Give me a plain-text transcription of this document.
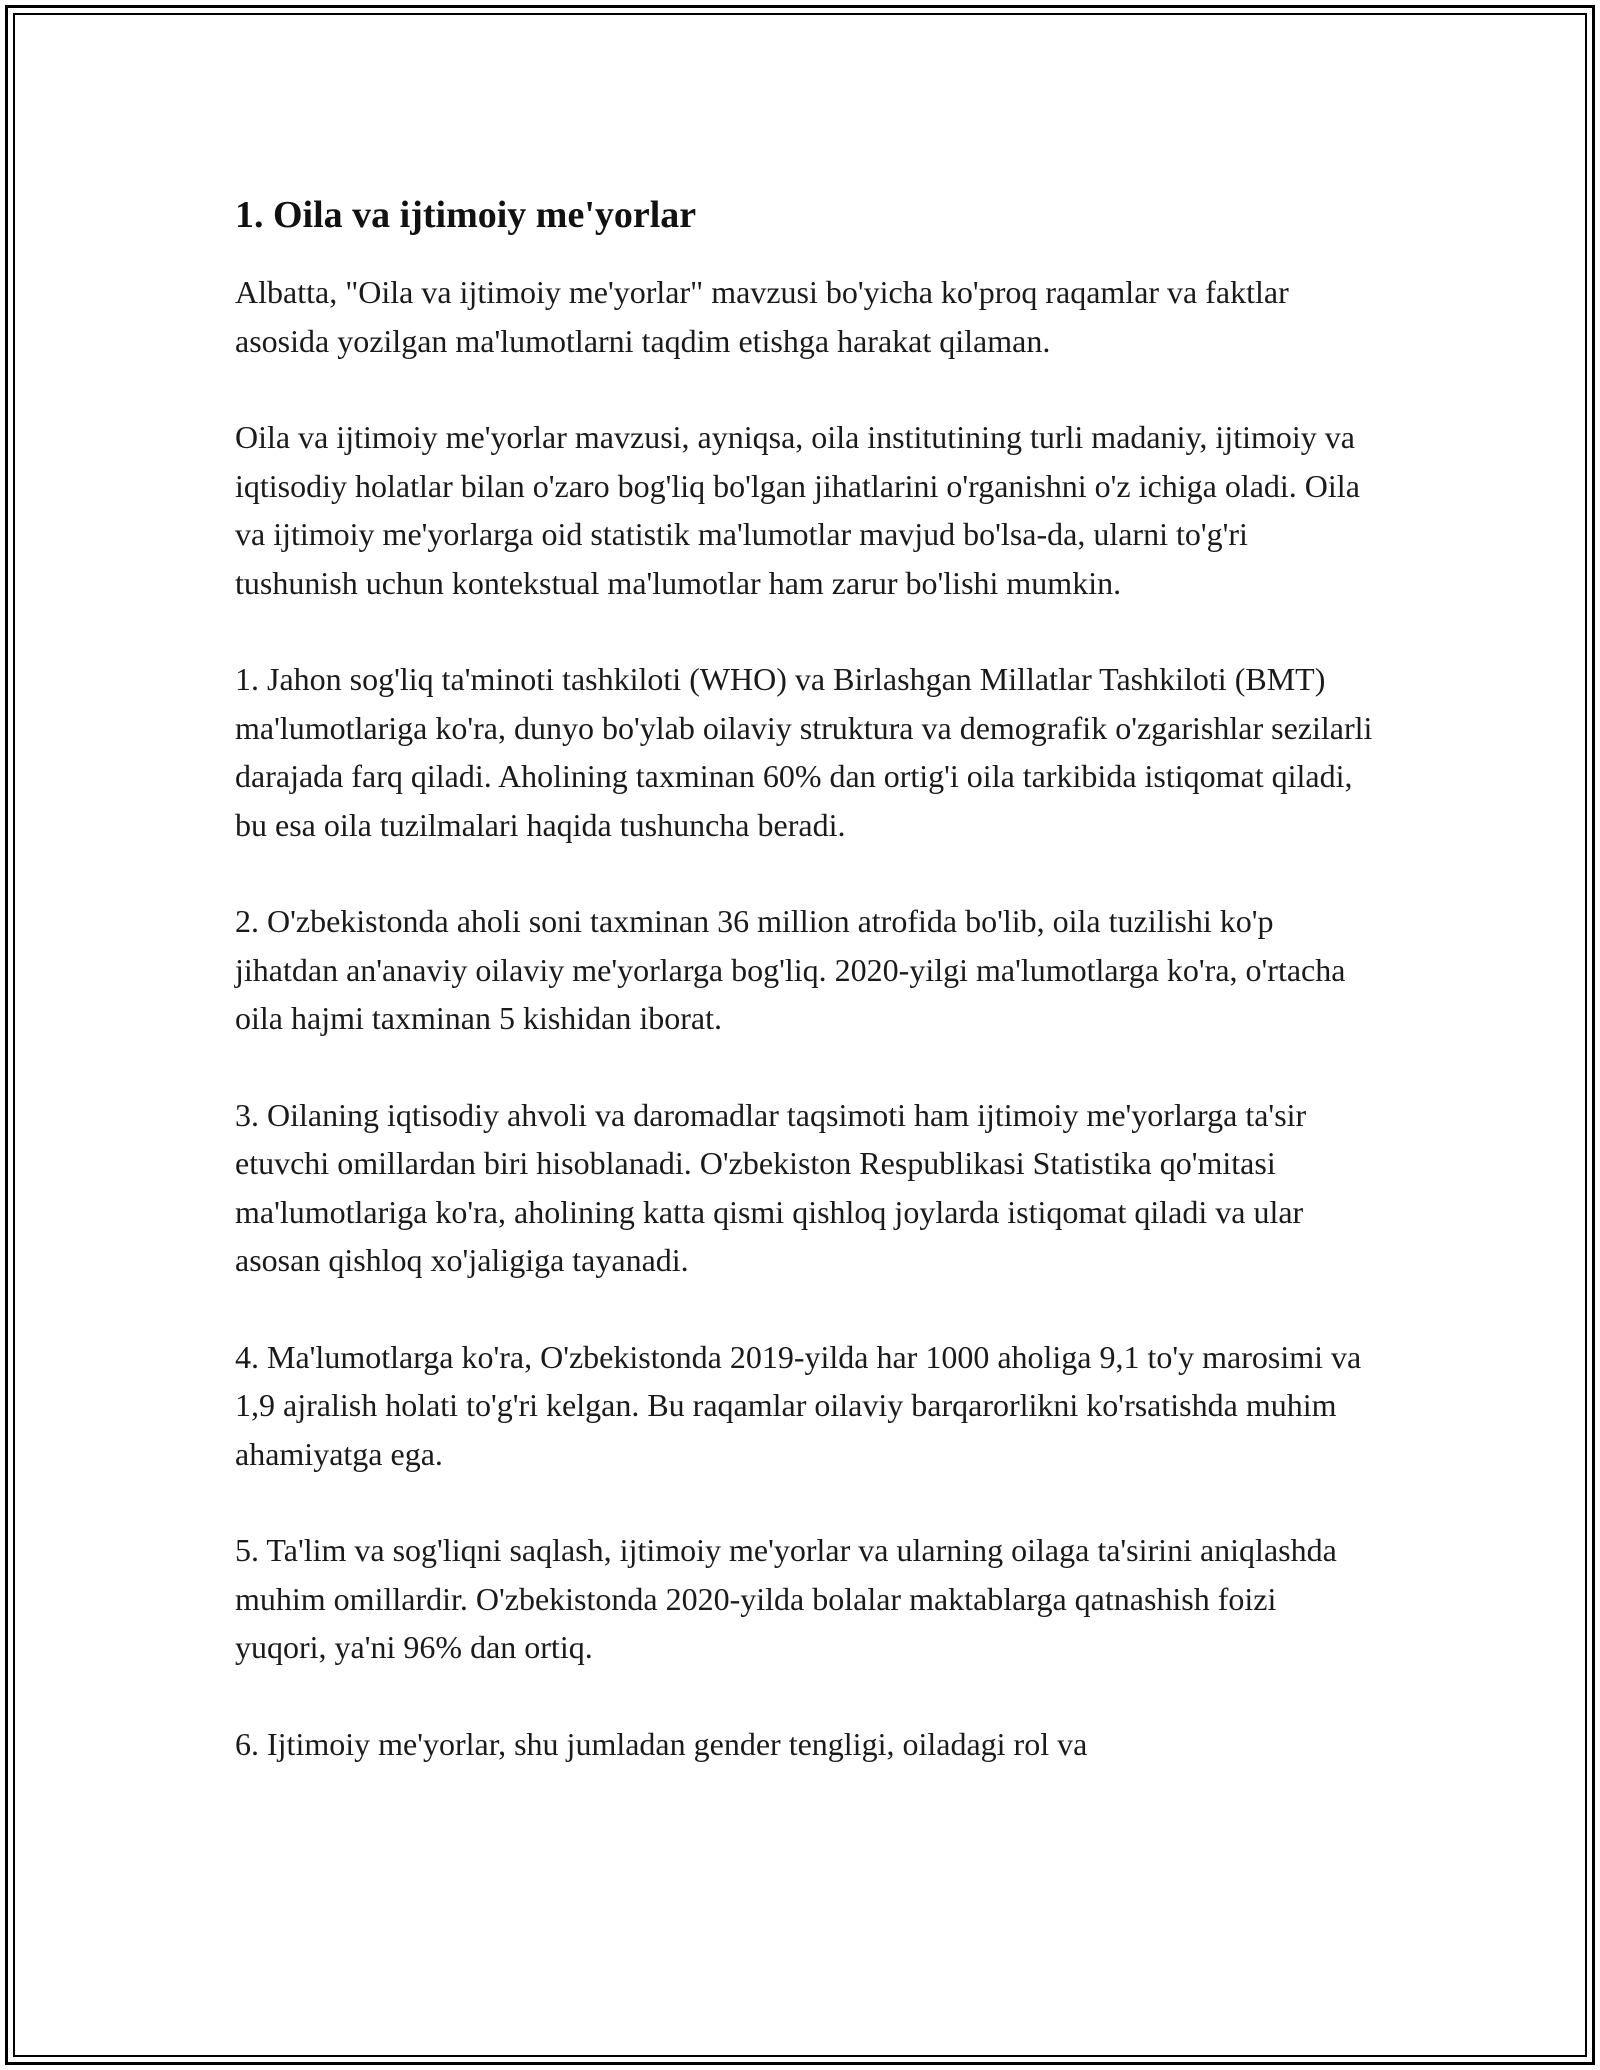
1. Oila va ijtimoiy me'yorlar

Albatta, "Oila va ijtimoiy me'yorlar" mavzusi bo'yicha ko'proq raqamlar va faktlar asosida yozilgan ma'lumotlarni taqdim etishga harakat qilaman.

Oila va ijtimoiy me'yorlar mavzusi, ayniqsa, oila institutining turli madaniy, ijtimoiy va iqtisodiy holatlar bilan o'zaro bog'liq bo'lgan jihatlarini o'rganishni o'z ichiga oladi. Oila va ijtimoiy me'yorlarga oid statistik ma'lumotlar mavjud bo'lsa-da, ularni to'g'ri tushunish uchun kontekstual ma'lumotlar ham zarur bo'lishi mumkin.

1. Jahon sog'liq ta'minoti tashkiloti (WHO) va Birlashgan Millatlar Tashkiloti (BMT) ma'lumotlariga ko'ra, dunyo bo'ylab oilaviy struktura va demografik o'zgarishlar sezilarli darajada farq qiladi. Aholining taxminan 60% dan ortig'i oila tarkibida istiqomat qiladi, bu esa oila tuzilmalari haqida tushuncha beradi.

2. O'zbekistonda aholi soni taxminan 36 million atrofida bo'lib, oila tuzilishi ko'p jihatdan an'anaviy oilaviy me'yorlarga bog'liq. 2020-yilgi ma'lumotlarga ko'ra, o'rtacha oila hajmi taxminan 5 kishidan iborat.

3. Oilaning iqtisodiy ahvoli va daromadlar taqsimoti ham ijtimoiy me'yorlarga ta'sir etuvchi omillardan biri hisoblanadi. O'zbekiston Respublikasi Statistika qo'mitasi ma'lumotlariga ko'ra, aholining katta qismi qishloq joylarda istiqomat qiladi va ular asosan qishloq xo'jaligiga tayanadi.

4. Ma'lumotlarga ko'ra, O'zbekistonda 2019-yilda har 1000 aholiga 9,1 to'y marosimi va 1,9 ajralish holati to'g'ri kelgan. Bu raqamlar oilaviy barqarorlikni ko'rsatishda muhim ahamiyatga ega.

5. Ta'lim va sog'liqni saqlash, ijtimoiy me'yorlar va ularning oilaga ta'sirini aniqlashda muhim omillardir. O'zbekistonda 2020-yilda bolalar maktablarga qatnashish foizi yuqori, ya'ni 96% dan ortiq.

6. Ijtimoiy me'yorlar, shu jumladan gender tengligi, oiladagi rol va
